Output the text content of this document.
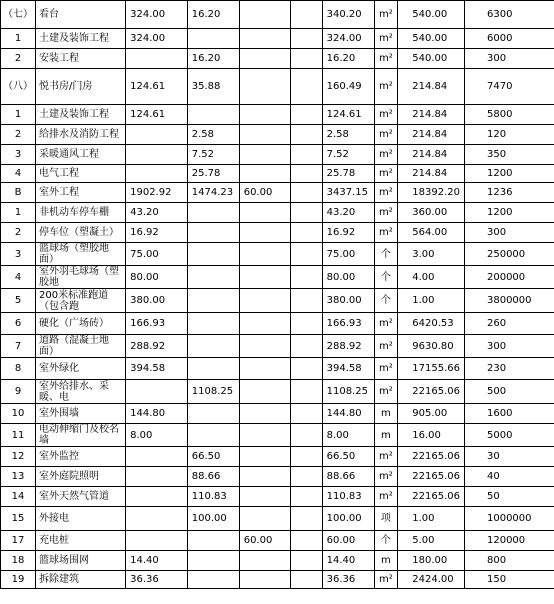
（七）	看台	324.00	16.20			340.20	m²	540.00	6300
1	土建及装饰工程	324.00				324.00	m²	540.00	6000
2	安装工程		16.20			16.20	m²	540.00	300
（八）	悦书房/门房	124.61	35.88			160.49	m²	214.84	7470
1	土建及装饰工程	124.61				124.61	m²	214.84	5800
2	给排水及消防工程		2.58			2.58	m²	214.84	120
3	采暖通风工程		7.52			7.52	m²	214.84	350
4	电气工程		25.78			25.78	m²	214.84	1200
B	室外工程	1902.92	1474.23	60.00		3437.15	m²	18392.20	1236
1	非机动车停车棚	43.20				43.20	m²	360.00	1200
2	停车位（塑凝土）	16.92				16.92	m²	564.00	300
3	篮球场（塑胶地面）	75.00				75.00	个	3.00	250000
4	室外羽毛球场（塑胶地	80.00				80.00	个	4.00	200000
5	200米标准跑道（包含跑	380.00				380.00	个	1.00	3800000
6	硬化（广场砖）	166.93				166.93	m²	6420.53	260
7	道路（混凝土地面）	288.92				288.92	m²	9630.80	300
8	室外绿化	394.58				394.58	m²	17155.66	230
9	室外给排水、采暖、电		1108.25			1108.25	m²	22165.06	500
10	室外围墙	144.80				144.80	m	905.00	1600
11	电动伸缩门及校名墙	8.00				8.00	m	16.00	5000
12	室外监控		66.50			66.50	m²	22165.06	30
13	室外庭院照明		88.66			88.66	m²	22165.06	40
14	室外天然气管道		110.83			110.83	m²	22165.06	50
15	外接电		100.00			100.00	项	1.00	1000000
17	充电桩			60.00		60.00	个	5.00	120000
18	篮球场围网	14.40				14.40	m	180.00	800
19	拆除建筑	36.36				36.36	m²	2424.00	150
